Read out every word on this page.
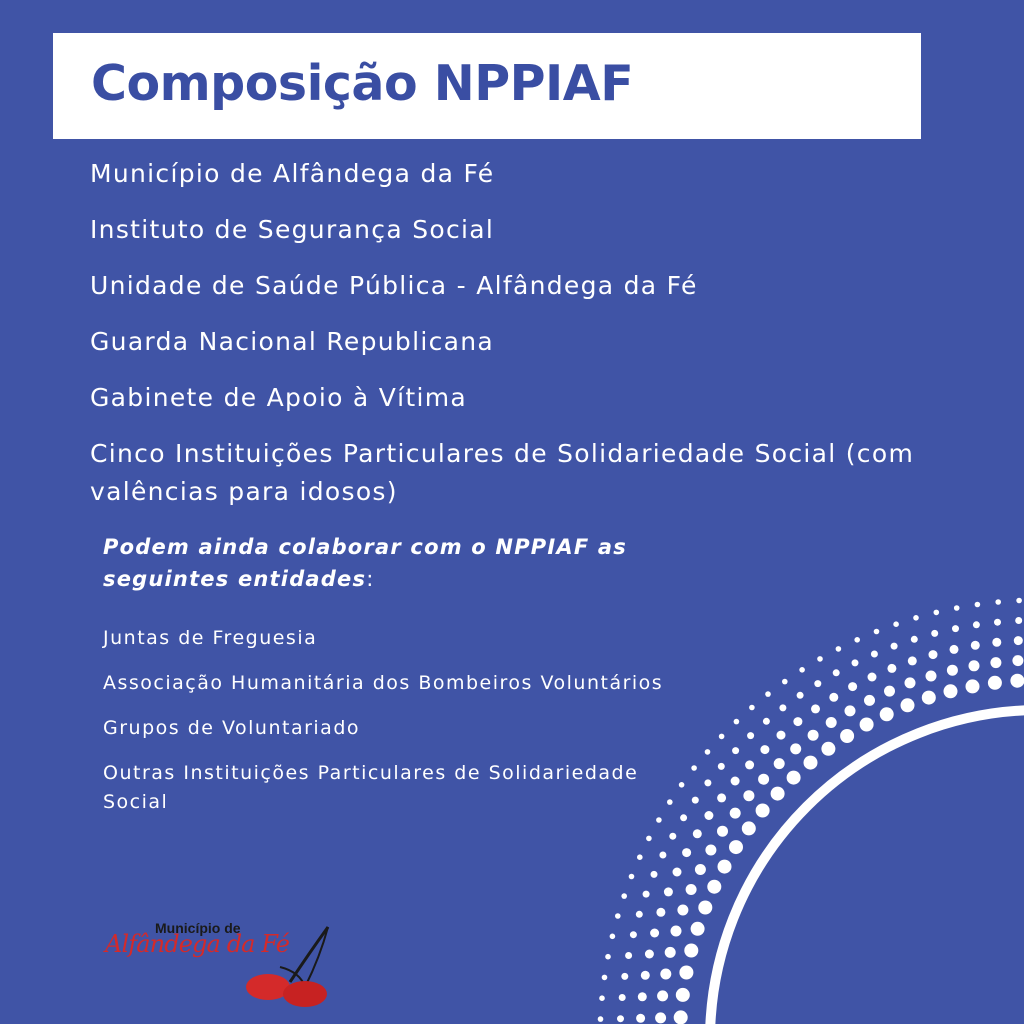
Composição NPPIAF
Município de Alfândega da Fé
Instituto de Segurança Social
Unidade de Saúde Pública - Alfândega da Fé
Guarda Nacional Republicana
Gabinete de Apoio à Vítima
Cinco Instituições Particulares de Solidariedade Social (com valências para idosos)

Podem ainda colaborar com o NPPIAF as seguintes entidades:

Juntas de Freguesia
Associação Humanitária dos Bombeiros Voluntários
Grupos de Voluntariado
Outras Instituições Particulares de Solidariedade Social
Alfândega da Fé
Município de
